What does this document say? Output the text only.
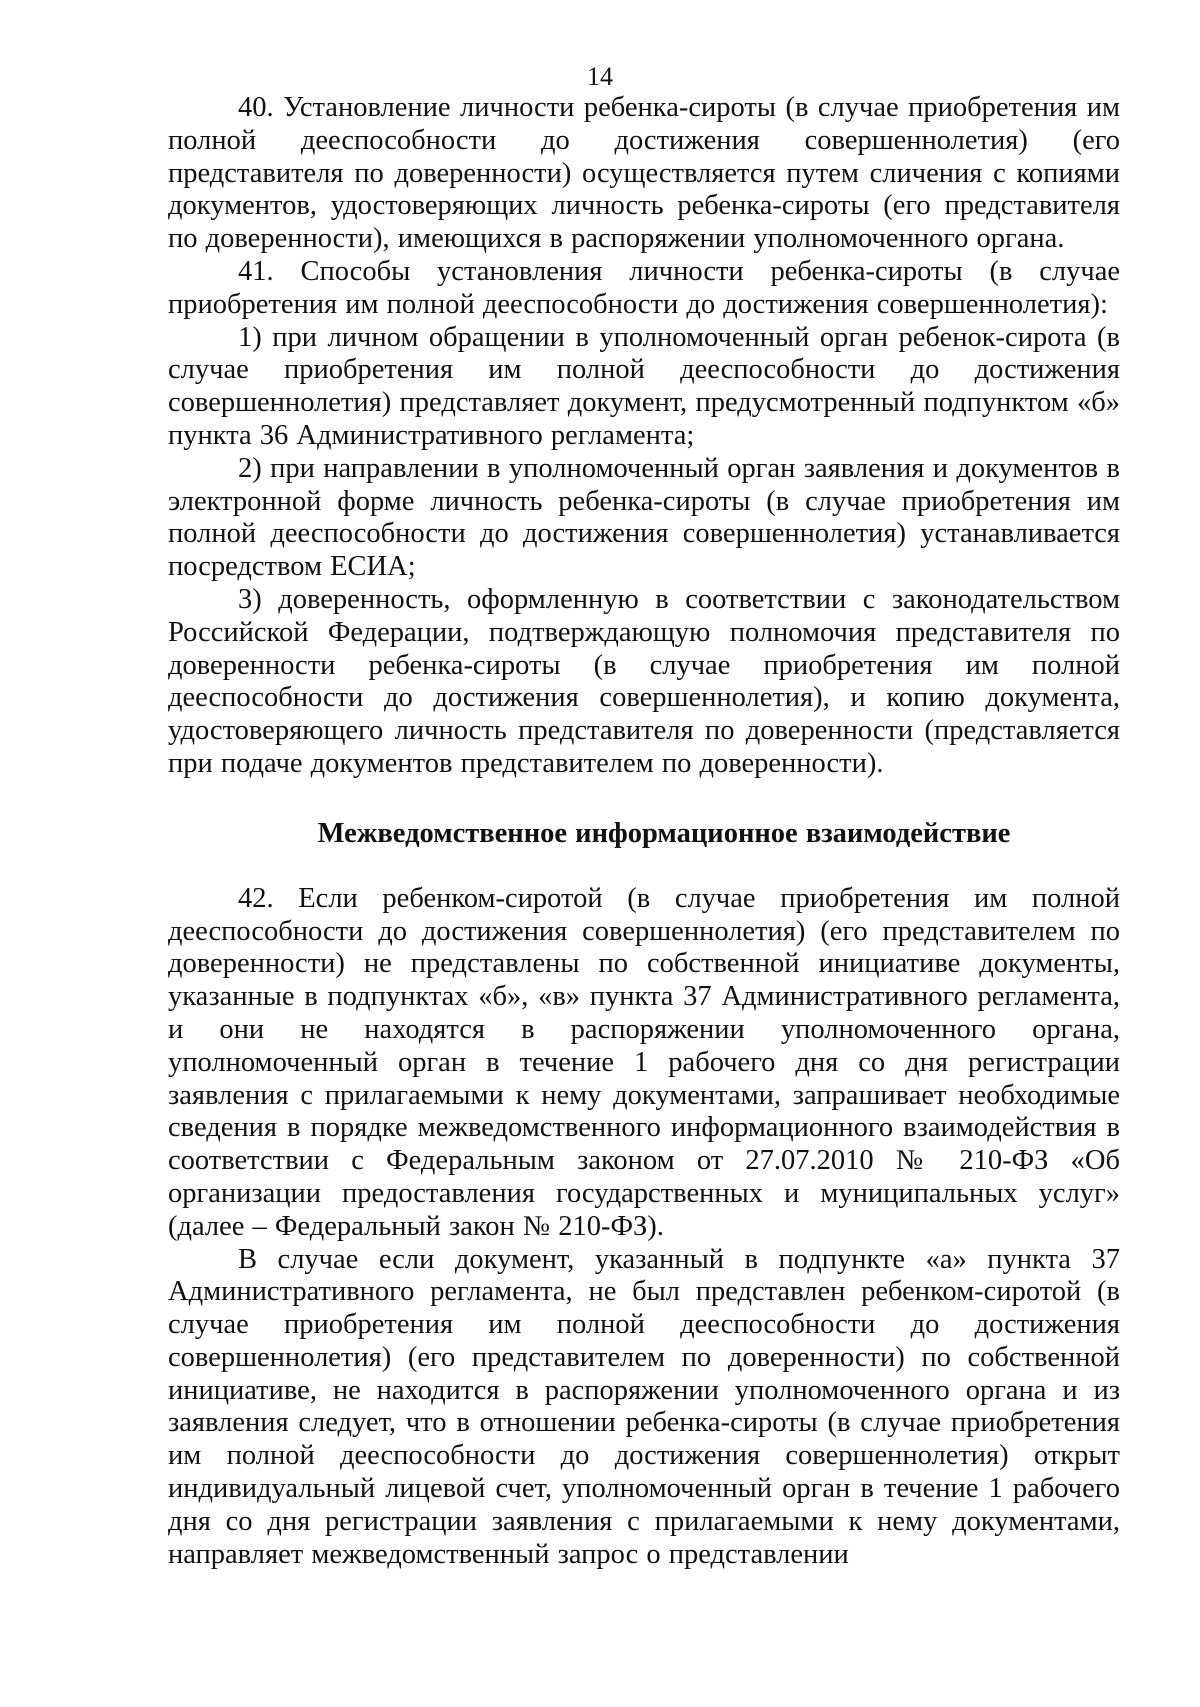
14

40. Установление личности ребенка-сироты (в случае приобретения им полной дееспособности до достижения совершеннолетия) (его представителя по доверенности) осуществляется путем сличения с копиями документов, удостоверяющих личность ребенка-сироты (его представителя по доверенности), имеющихся в распоряжении уполномоченного органа.

41. Способы установления личности ребенка-сироты (в случае приобретения им полной дееспособности до достижения совершеннолетия):

1) при личном обращении в уполномоченный орган ребенок-сирота (в случае приобретения им полной дееспособности до достижения совершеннолетия) представляет документ, предусмотренный подпунктом «б» пункта 36 Административного регламента;

2) при направлении в уполномоченный орган заявления и документов в электронной форме личность ребенка-сироты (в случае приобретения им полной дееспособности до достижения совершеннолетия) устанавливается посредством ЕСИА;

3) доверенность, оформленную в соответствии с законодательством Российской Федерации, подтверждающую полномочия представителя по доверенности ребенка-сироты (в случае приобретения им полной дееспособности до достижения совершеннолетия), и копию документа, удостоверяющего личность представителя по доверенности (представляется при подаче документов представителем по доверенности).

Межведомственное информационное взаимодействие

42. Если ребенком-сиротой (в случае приобретения им полной дееспособности до достижения совершеннолетия) (его представителем по доверенности) не представлены по собственной инициативе документы, указанные в подпунктах «б», «в» пункта 37 Административного регламента, и они не находятся в распоряжении уполномоченного органа, уполномоченный орган в течение 1 рабочего дня со дня регистрации заявления с прилагаемыми к нему документами, запрашивает необходимые сведения в порядке межведомственного информационного взаимодействия в соответствии с Федеральным законом от 27.07.2010 № 210-ФЗ «Об организации предоставления государственных и муниципальных услуг» (далее – Федеральный закон № 210-ФЗ).

В случае если документ, указанный в подпункте «а» пункта 37 Административного регламента, не был представлен ребенком-сиротой (в случае приобретения им полной дееспособности до достижения совершеннолетия) (его представителем по доверенности) по собственной инициативе, не находится в распоряжении уполномоченного органа и из заявления следует, что в отношении ребенка-сироты (в случае приобретения им полной дееспособности до достижения совершеннолетия) открыт индивидуальный лицевой счет, уполномоченный орган в течение 1 рабочего дня со дня регистрации заявления с прилагаемыми к нему документами, направляет межведомственный запрос о представлении
